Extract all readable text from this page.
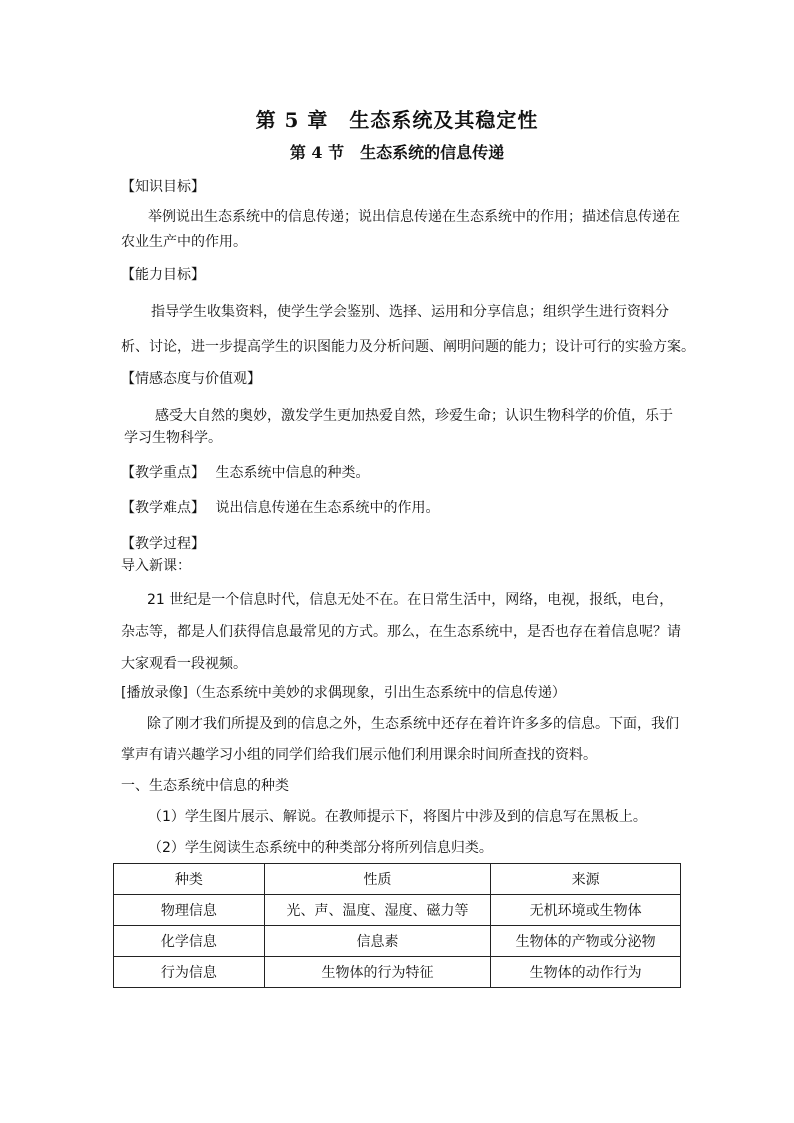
第 5 章　生态系统及其稳定性
第 4 节　生态系统的信息传递
【知识目标】
举例说出生态系统中的信息传递；说出信息传递在生态系统中的作用；描述信息传递在
农业生产中的作用。
【能力目标】
指导学生收集资料，使学生学会鉴别、选择、运用和分享信息；组织学生进行资料分
析、讨论，进一步提高学生的识图能力及分析问题、阐明问题的能力；设计可行的实验方案。
【情感态度与价值观】
感受大自然的奥妙，激发学生更加热爱自然，珍爱生命；认识生物科学的价值，乐于
学习生物科学。
【教学重点】 生态系统中信息的种类。
【教学难点】 说出信息传递在生态系统中的作用。
【教学过程】
导入新课：
21 世纪是一个信息时代，信息无处不在。在日常生活中，网络，电视，报纸，电台，
杂志等，都是人们获得信息最常见的方式。那么，在生态系统中，是否也存在着信息呢？请
大家观看一段视频。
[播放录像]（生态系统中美妙的求偶现象，引出生态系统中的信息传递）
除了刚才我们所提及到的信息之外，生态系统中还存在着许许多多的信息。下面，我们
掌声有请兴趣学习小组的同学们给我们展示他们利用课余时间所查找的资料。
一、生态系统中信息的种类
（1）学生图片展示、解说。在教师提示下，将图片中涉及到的信息写在黑板上。
（2）学生阅读生态系统中的种类部分将所列信息归类。
种类	性质	来源
物理信息	光、声、温度、湿度、磁力等	无机环境或生物体
化学信息	信息素	生物体的产物或分泌物
行为信息	生物体的行为特征	生物体的动作行为
